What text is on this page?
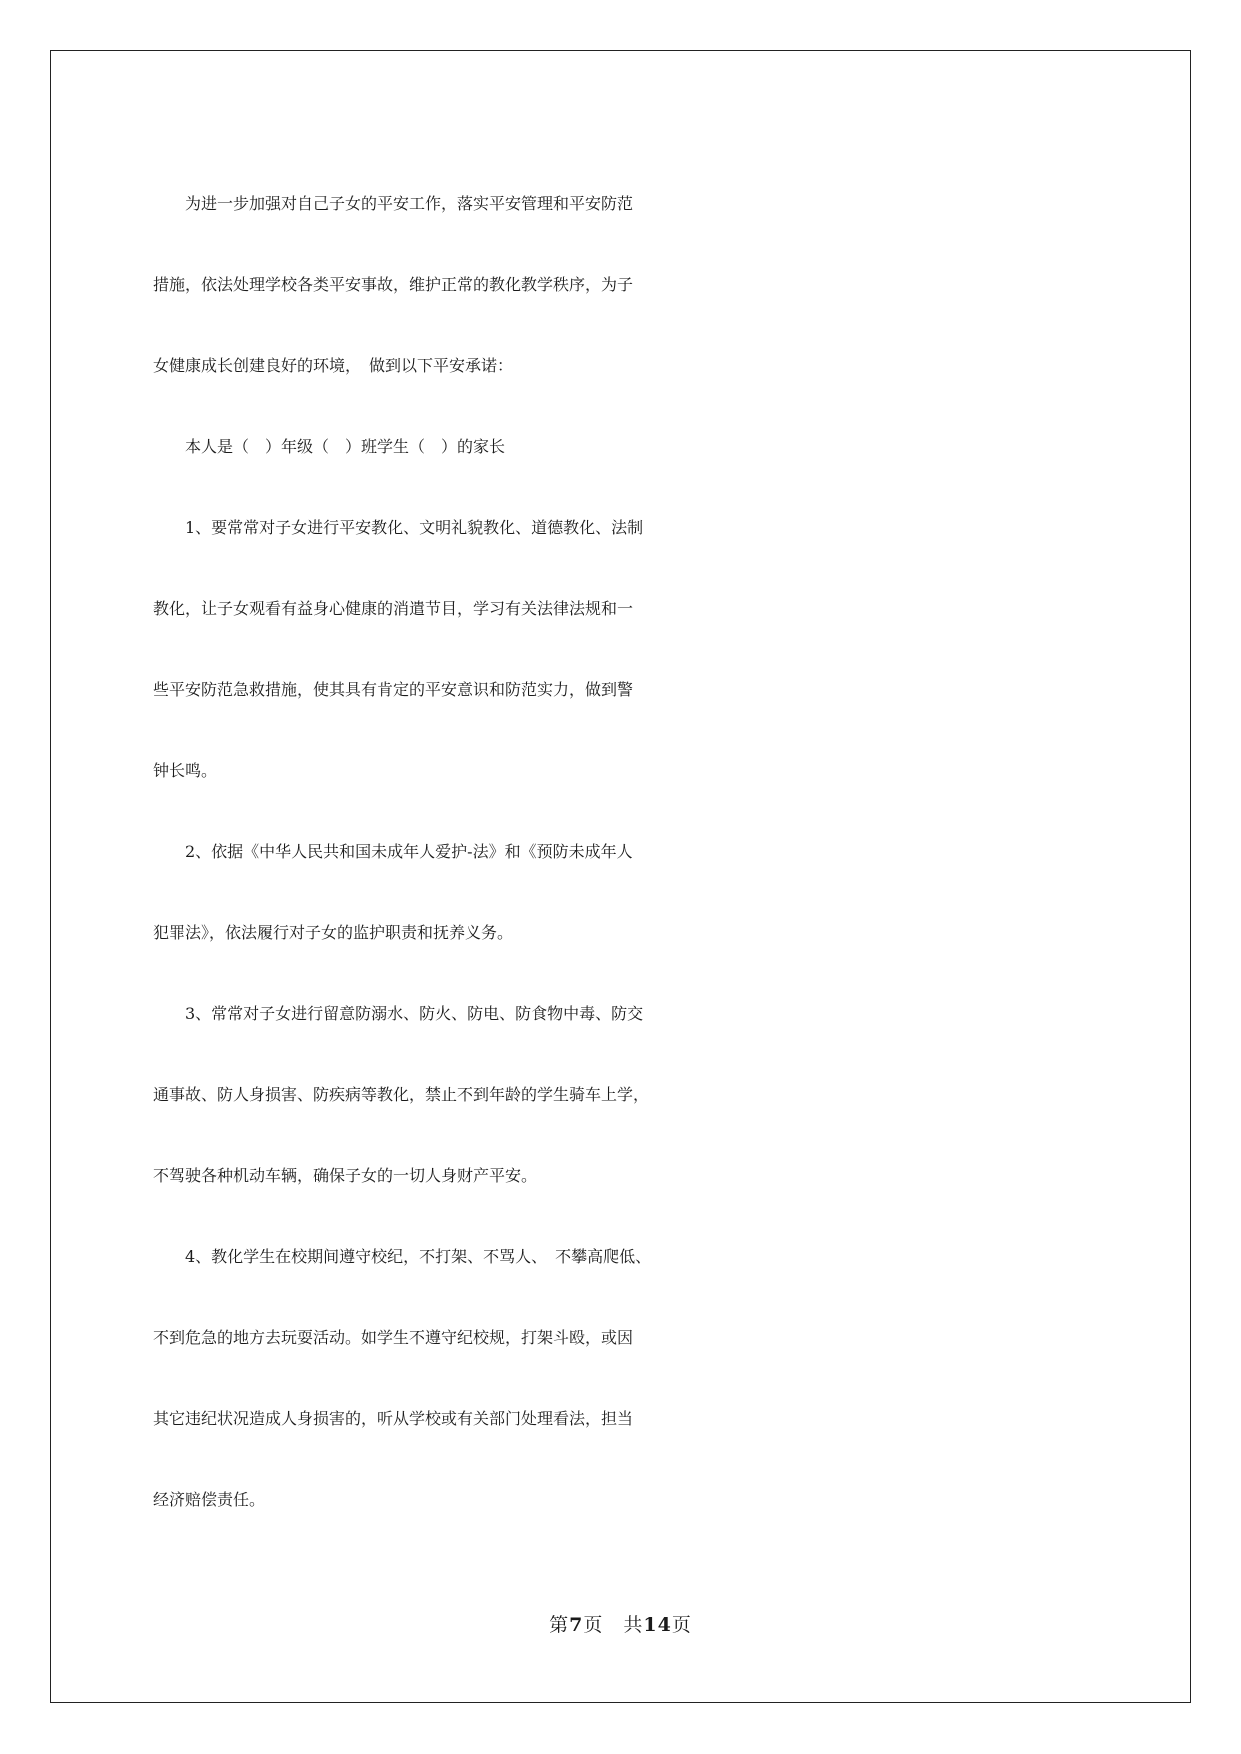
　　为进一步加强对自己子女的平安工作，落实平安管理和平安防范
措施，依法处理学校各类平安事故，维护正常的教化教学秩序，为子
女健康成长创建良好的环境，　做到以下平安承诺：
　　本人是（　）年级（　）班学生（　）的家长
　　1、要常常对子女进行平安教化、文明礼貌教化、道德教化、法制
教化，让子女观看有益身心健康的消遣节目，学习有关法律法规和一
些平安防范急救措施，使其具有肯定的平安意识和防范实力，做到警
钟长鸣。
　　2、依据《中华人民共和国未成年人爱护-法》和《预防未成年人
犯罪法》，依法履行对子女的监护职责和抚养义务。
　　3、常常对子女进行留意防溺水、防火、防电、防食物中毒、防交
通事故、防人身损害、防疾病等教化，禁止不到年龄的学生骑车上学，
不驾驶各种机动车辆，确保子女的一切人身财产平安。
　　4、教化学生在校期间遵守校纪，不打架、不骂人、　不攀高爬低、
不到危急的地方去玩耍活动。如学生不遵守纪校规，打架斗殴，或因
其它违纪状况造成人身损害的，听从学校或有关部门处理看法，担当
经济赔偿责任。
第7页 共14页
